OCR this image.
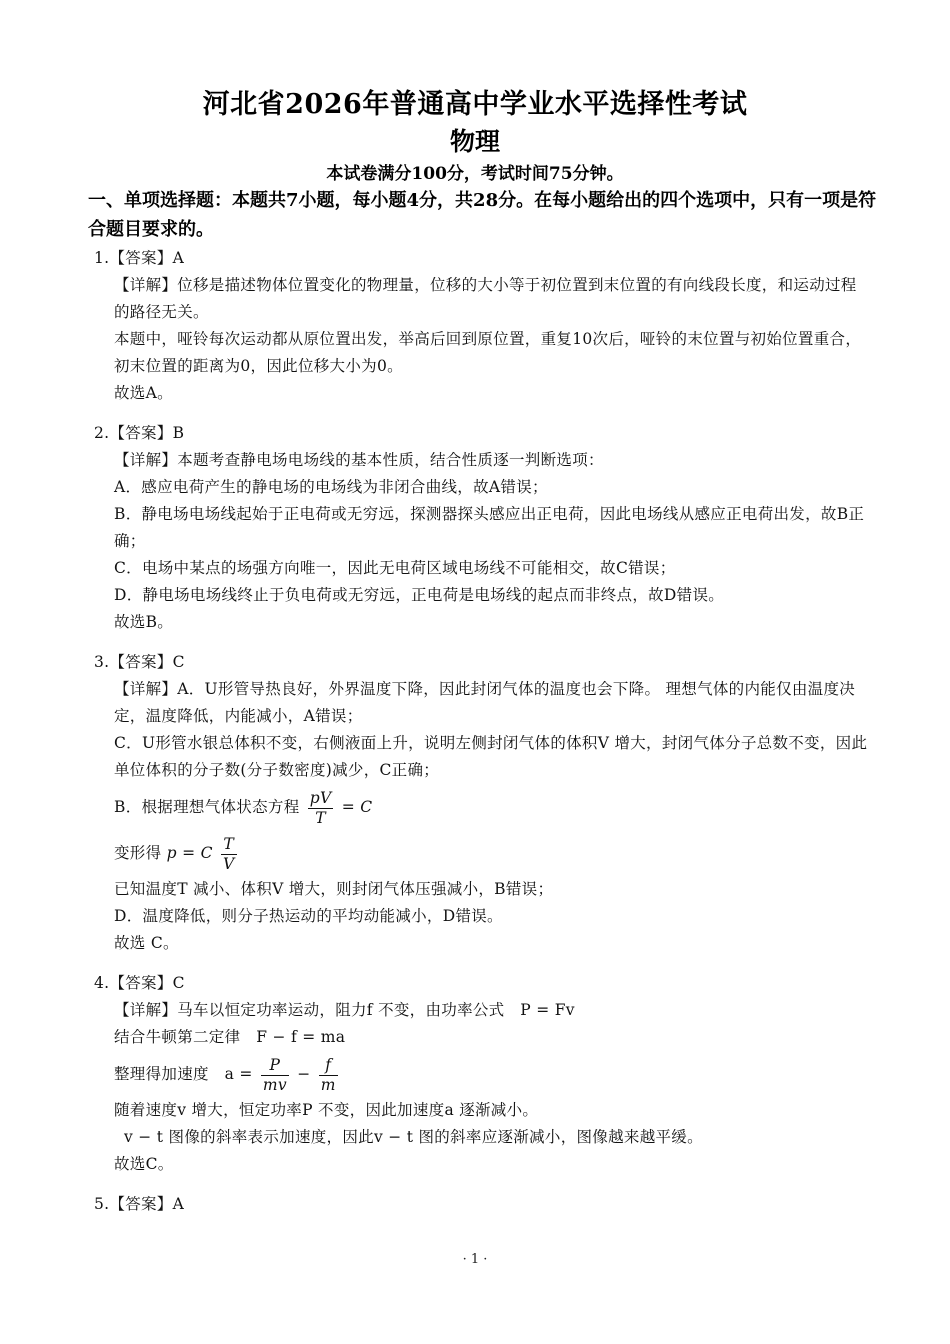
河北省2026年普通高中学业水平选择性考试
物理
本试卷满分100分，考试时间75分钟。
一、单项选择题：本题共7小题，每小题4分，共28分。在每小题给出的四个选项中，只有一项是符合题目要求的。
1.【答案】A
【详解】位移是描述物体位置变化的物理量，位移的大小等于初位置到末位置的有向线段长度，和运动过程的路径无关。
本题中，哑铃每次运动都从原位置出发，举高后回到原位置，重复10次后，哑铃的末位置与初始位置重合，初末位置的距离为0，因此位移大小为0。
故选A。
2.【答案】B
【详解】本题考查静电场电场线的基本性质，结合性质逐一判断选项：
A．感应电荷产生的静电场的电场线为非闭合曲线，故A错误；
B．静电场电场线起始于正电荷或无穷远，探测器探头感应出正电荷，因此电场线从感应正电荷出发，故B正确；
C．电场中某点的场强方向唯一，因此无电荷区域电场线不可能相交，故C错误；
D．静电场电场线终止于负电荷或无穷远，正电荷是电场线的起点而非终点，故D错误。
故选B。
3.【答案】C
【详解】A．U形管导热良好，外界温度下降，因此封闭气体的温度也会下降。 理想气体的内能仅由温度决定，温度降低，内能减小，A错误；
C．U形管水银总体积不变，右侧液面上升，说明左侧封闭气体的体积V 增大，封闭气体分子总数不变，因此单位体积的分子数(分子数密度)减少，C正确；
B．根据理想气体状态方程 $\frac{pV}{T} = C$
变形得 p = C $\frac{T}{V}$
已知温度T 减小、体积V 增大，则封闭气体压强减小，B错误；
D．温度降低，则分子热运动的平均动能减小，D错误。
故选 C。
4.【答案】C
【详解】马车以恒定功率运动，阻力f 不变，由功率公式　P = Fv
结合牛顿第二定律　F − f = ma
整理得加速度　$a = \frac{P}{mv} - \frac{f}{m}$
随着速度v 增大，恒定功率P 不变，因此加速度a 逐渐减小。
v − t 图像的斜率表示加速度，因此v − t 图的斜率应逐渐减小，图像越来越平缓。
故选C。
5.【答案】A
· 1 ·
